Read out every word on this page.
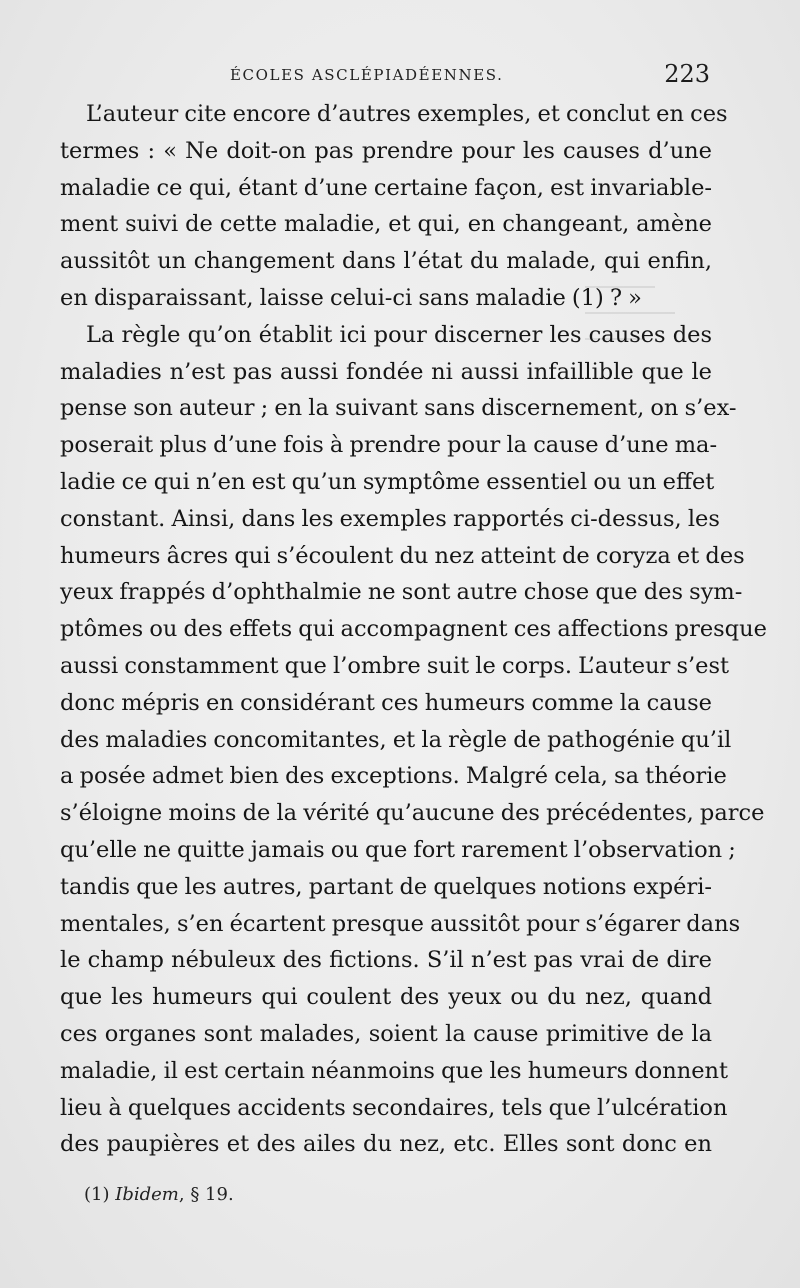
ÉCOLES ASCLÉPIADÉENNES.	223
L’auteur cite encore d’autres exemples, et conclut en ces
termes : « Ne doit-on pas prendre pour les causes d’une
maladie ce qui, étant d’une certaine façon, est invariable-
ment suivi de cette maladie, et qui, en changeant, amène
aussitôt un changement dans l’état du malade, qui enfin,
en disparaissant, laisse celui-ci sans maladie (1) ? »
La règle qu’on établit ici pour discerner les causes des
maladies n’est pas aussi fondée ni aussi infaillible que le
pense son auteur ; en la suivant sans discernement, on s’ex-
poserait plus d’une fois à prendre pour la cause d’une ma-
ladie ce qui n’en est qu’un symptôme essentiel ou un effet
constant. Ainsi, dans les exemples rapportés ci-dessus, les
humeurs âcres qui s’écoulent du nez atteint de coryza et des
yeux frappés d’ophthalmie ne sont autre chose que des sym-
ptômes ou des effets qui accompagnent ces affections presque
aussi constamment que l’ombre suit le corps. L’auteur s’est
donc mépris en considérant ces humeurs comme la cause
des maladies concomitantes, et la règle de pathogénie qu’il
a posée admet bien des exceptions. Malgré cela, sa théorie
s’éloigne moins de la vérité qu’aucune des précédentes, parce
qu’elle ne quitte jamais ou que fort rarement l’observation ;
tandis que les autres, partant de quelques notions expéri-
mentales, s’en écartent presque aussitôt pour s’égarer dans
le champ nébuleux des fictions. S’il n’est pas vrai de dire
que les humeurs qui coulent des yeux ou du nez, quand
ces organes sont malades, soient la cause primitive de la
maladie, il est certain néanmoins que les humeurs donnent
lieu à quelques accidents secondaires, tels que l’ulcération
des paupières et des ailes du nez, etc. Elles sont donc en
(1) Ibidem, § 19.
